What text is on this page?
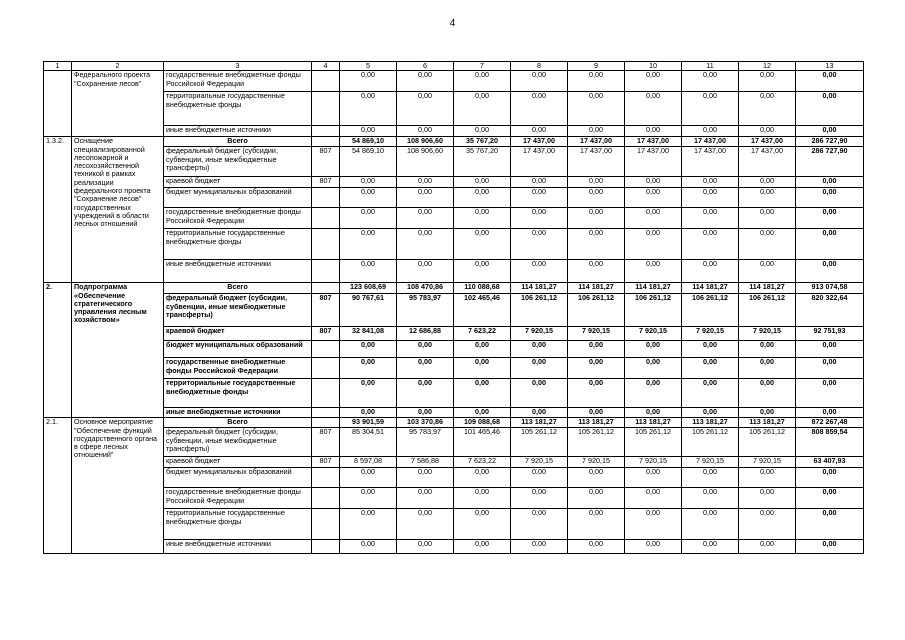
4
1	2	3	4	5	6	7	8	9	10	11	12	13
	Федерального проекта "Сохранение лесов"	государственные внебюджетные фонды Российской Федерации		0,00	0,00	0,00	0,00	0,00	0,00	0,00	0,00	0,00
		территориальные государственные внебюджетные фонды		0,00	0,00	0,00	0,00	0,00	0,00	0,00	0,00	0,00
		иные внебюджетные источники		0,00	0,00	0,00	0,00	0,00	0,00	0,00	0,00	0,00
1.3.2.	Оснащение специализированной лесопожарной и лесохозяйственной техникой в рамках реализации федерального проекта "Сохранение лесов" государственных учреждений в области лесных отношений	Всего		54 869,10	108 906,60	35 767,20	17 437,00	17 437,00	17 437,00	17 437,00	17 437,00	286 727,90
		федеральный бюджет (субсидии, субвенции, иные межбюджетные трансферты)	807	54 869,10	108 906,60	35 767,20	17 437,00	17 437,00	17 437,00	17 437,00	17 437,00	286 727,90
		краевой бюджет	807	0,00	0,00	0,00	0,00	0,00	0,00	0,00	0,00	0,00
		бюджет муниципальных образований		0,00	0,00	0,00	0,00	0,00	0,00	0,00	0,00	0,00
		государственные внебюджетные фонды Российской Федерации		0,00	0,00	0,00	0,00	0,00	0,00	0,00	0,00	0,00
		территориальные государственные внебюджетные фонды		0,00	0,00	0,00	0,00	0,00	0,00	0,00	0,00	0,00
		иные внебюджетные источники		0,00	0,00	0,00	0,00	0,00	0,00	0,00	0,00	0,00
2.	Подпрограмма «Обеспечение стратегического управления лесным хозяйством»	Всего		123 608,69	108 470,86	110 088,68	114 181,27	114 181,27	114 181,27	114 181,27	114 181,27	913 074,58
		федеральный бюджет (субсидии, субвенции, иные межбюджетные трансферты)	807	90 767,61	95 783,97	102 465,46	106 261,12	106 261,12	106 261,12	106 261,12	106 261,12	820 322,64
		краевой бюджет	807	32 841,08	12 686,88	7 623,22	7 920,15	7 920,15	7 920,15	7 920,15	7 920,15	92 751,93
		бюджет муниципальных образований		0,00	0,00	0,00	0,00	0,00	0,00	0,00	0,00	0,00
		государственные внебюджетные фонды Российской Федерации		0,00	0,00	0,00	0,00	0,00	0,00	0,00	0,00	0,00
		территориальные государственные внебюджетные фонды		0,00	0,00	0,00	0,00	0,00	0,00	0,00	0,00	0,00
		иные внебюджетные источники		0,00	0,00	0,00	0,00	0,00	0,00	0,00	0,00	0,00
2.1.	Основное мероприятие "Обеспечение функций государственного органа в сфере лесных отношений"	Всего		93 901,59	103 370,86	109 088,68	113 181,27	113 181,27	113 181,27	113 181,27	113 181,27	872 267,48
		федеральный бюджет (субсидии, субвенции, иные межбюджетные трансферты)	807	85 304,51	95 783,97	101 465,46	105 261,12	105 261,12	105 261,12	105 261,12	105 261,12	808 859,54
		краевой бюджет	807	8 597,08	7 586,88	7 623,22	7 920,15	7 920,15	7 920,15	7 920,15	7 920,15	63 407,93
		бюджет муниципальных образований		0,00	0,00	0,00	0,00	0,00	0,00	0,00	0,00	0,00
		государственные внебюджетные фонды Российской Федерации		0,00	0,00	0,00	0,00	0,00	0,00	0,00	0,00	0,00
		территориальные государственные внебюджетные фонды		0,00	0,00	0,00	0,00	0,00	0,00	0,00	0,00	0,00
		иные внебюджетные источники		0,00	0,00	0,00	0,00	0,00	0,00	0,00	0,00	0,00
